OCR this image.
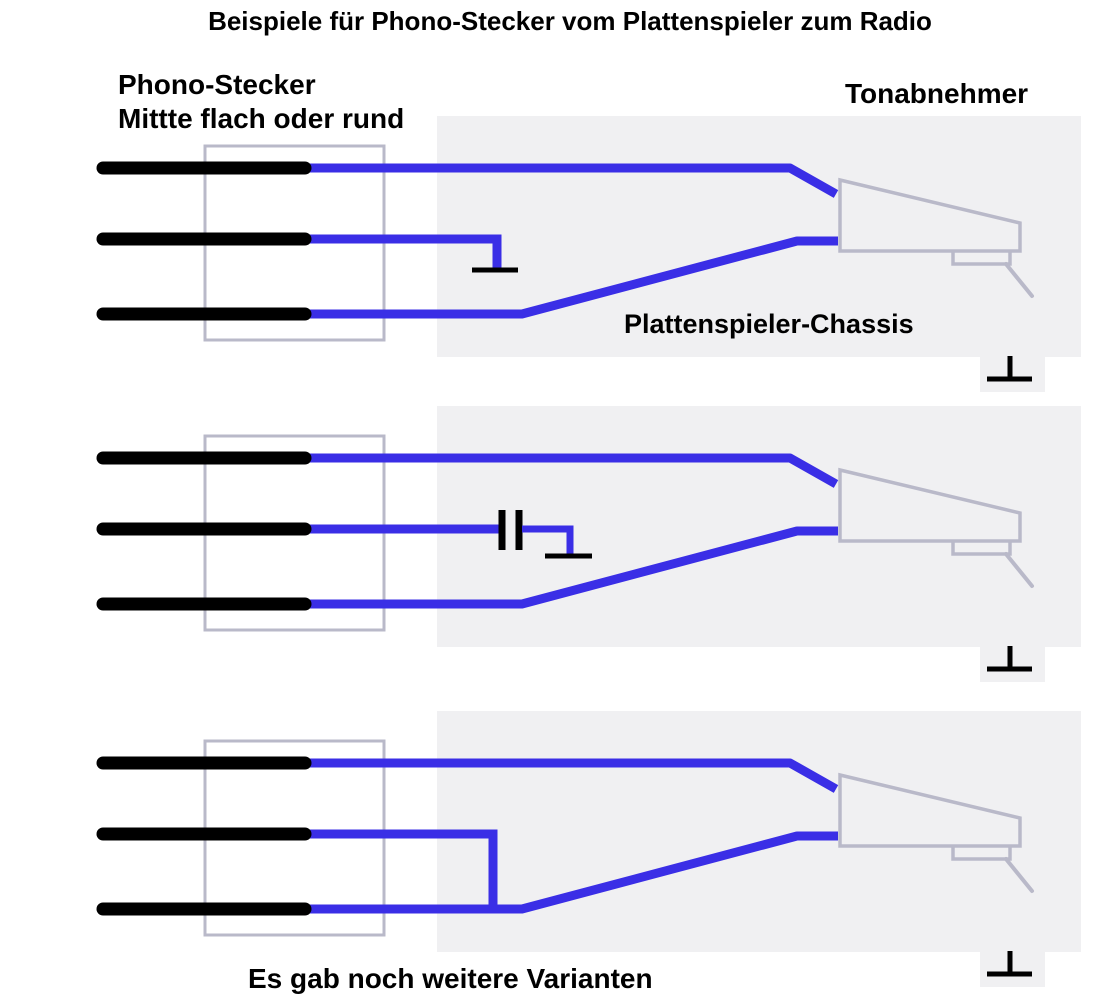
Beispiele für Phono-Stecker vom Plattenspieler zum Radio
Phono-Stecker
Mittte flach oder rund
Tonabnehmer
Plattenspieler-Chassis
Es gab noch weitere Varianten
